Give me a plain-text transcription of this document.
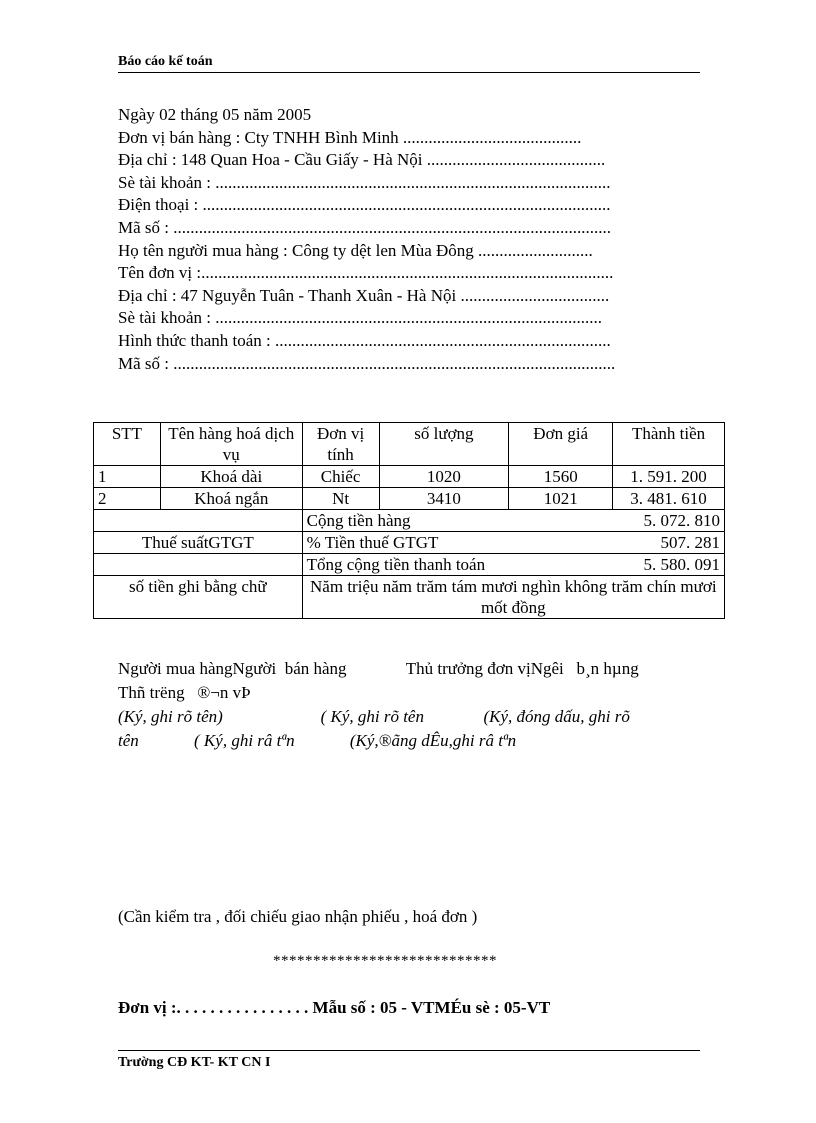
Báo cáo kế toán
Ngày 02 tháng 05 năm 2005
Đơn vị bán hàng : Cty TNHH Bình Minh ..........................................
Địa chỉ : 148 Quan Hoa - Cầu Giấy - Hà Nội ..........................................
Sè tài khoản : .............................................................................................
Điện thoại : ................................................................................................
Mã số : .......................................................................................................
Họ tên người mua hàng : Công ty dệt len Mùa Đông ...........................
Tên đơn vị :.................................................................................................
Địa chỉ : 47 Nguyễn Tuân - Thanh Xuân - Hà Nội ...................................
Sè tài khoản : ...........................................................................................
Hình thức thanh toán : ...............................................................................
Mã số : ........................................................................................................
STT	Tên hàng hoá dịch vụ	Đơn vị tính	số lượng	Đơn giá	Thành tiền
1	Khoá dài	Chiếc	1020	1560	1. 591. 200
2	Khoá ngắn	Nt	3410	1021	3. 481. 610

		Cộng tiền hàng 5. 072. 810			

Thuế suấtGTGT		% Tiền thuế GTGT 507. 281			

		Tổng cộng tiền thanh toán 5. 580. 091			

số tiền ghi bằng chữ		Năm triệu năm trăm tám mươi nghìn không trăm chín mươi mốt đồng			
Người mua hàngNgười  bán hàng              Thủ trưởng đơn vịNgêi   b¸n hµng
Thñ trëng   ®¬n vÞ
(Ký, ghi rõ tên)                       ( Ký, ghi rõ tên              (Ký, đóng dấu, ghi rõ
tên             ( Ký, ghi râ tªn             (Ký,®ãng dÊu,ghi râ tªn
(Cần kiểm tra , đối chiếu giao nhận phiếu , hoá đơn )
****************************
Đơn vị :. . . . . . . . . . . . . . . . Mẫu số : 05 - VTMÉu sè : 05-VT
Trường CĐ KT- KT CN I
